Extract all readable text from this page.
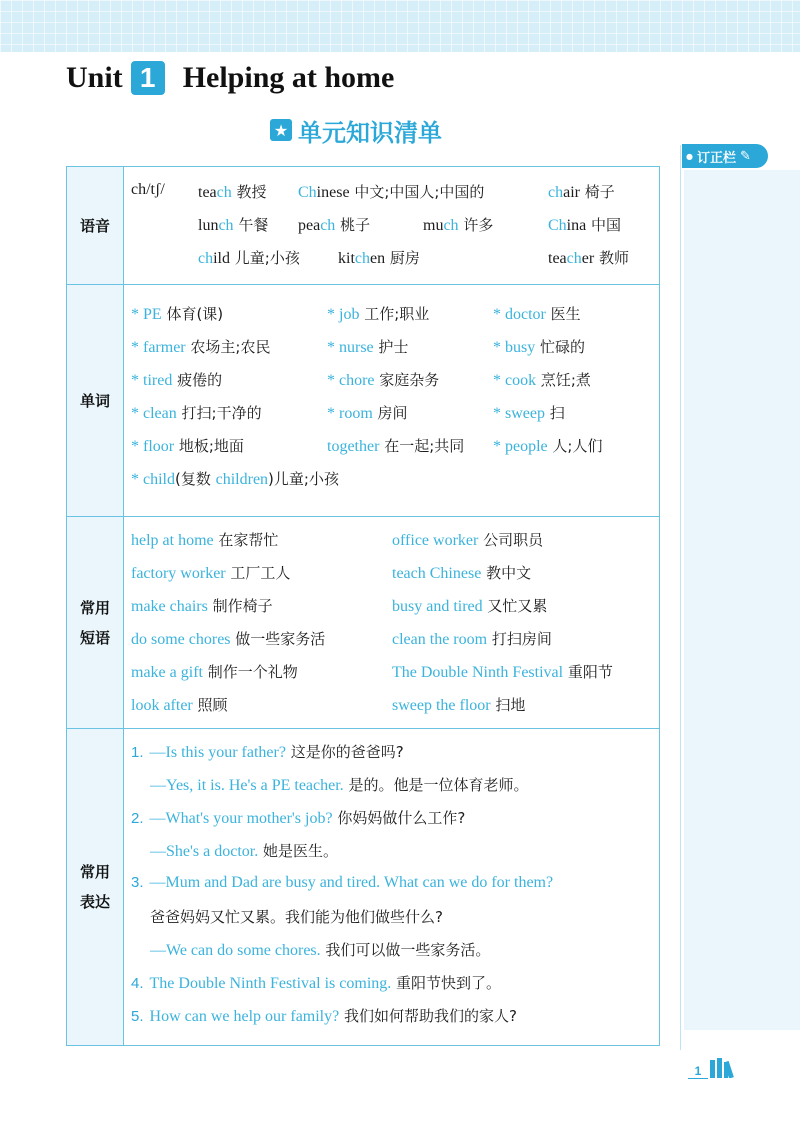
Unit 1 Helping at home
★ 单元知识清单
● 订正栏 ✎
语音
ch/tʃ/ teach 教授 Chinese 中文;中国人;中国的	chair 椅子
lunch 午餐 peach 桃子	much 许多	China 中国
child 儿童;小孩 kitchen 厨房	teacher 教师
单词
* PE 体育(课)	* job 工作;职业	* doctor 医生
* farmer 农场主;农民	* nurse 护士	* busy 忙碌的
* tired 疲倦的	* chore 家庭杂务	* cook 烹饪;煮
* clean 打扫;干净的	* room 房间	* sweep 扫
* floor 地板;地面	together 在一起;共同 * people 人;人们
* child(复数 children)儿童;小孩
常用
短语
help at home 在家帮忙	office worker 公司职员
factory worker 工厂工人	teach Chinese 教中文
make chairs 制作椅子	busy and tired 又忙又累
do some chores 做一些家务活	clean the room 打扫房间
make a gift 制作一个礼物	The Double Ninth Festival 重阳节
look after 照顾	sweep the floor 扫地
常用
表达
1. —Is this your father? 这是你的爸爸吗?
—Yes, it is. He's a PE teacher. 是的。他是一位体育老师。
2. —What's your mother's job? 你妈妈做什么工作?
—She's a doctor. 她是医生。
3. —Mum and Dad are busy and tired. What can we do for them?
爸爸妈妈又忙又累。我们能为他们做些什么?
—We can do some chores. 我们可以做一些家务活。
4. The Double Ninth Festival is coming. 重阳节快到了。
5. How can we help our family? 我们如何帮助我们的家人?
1
